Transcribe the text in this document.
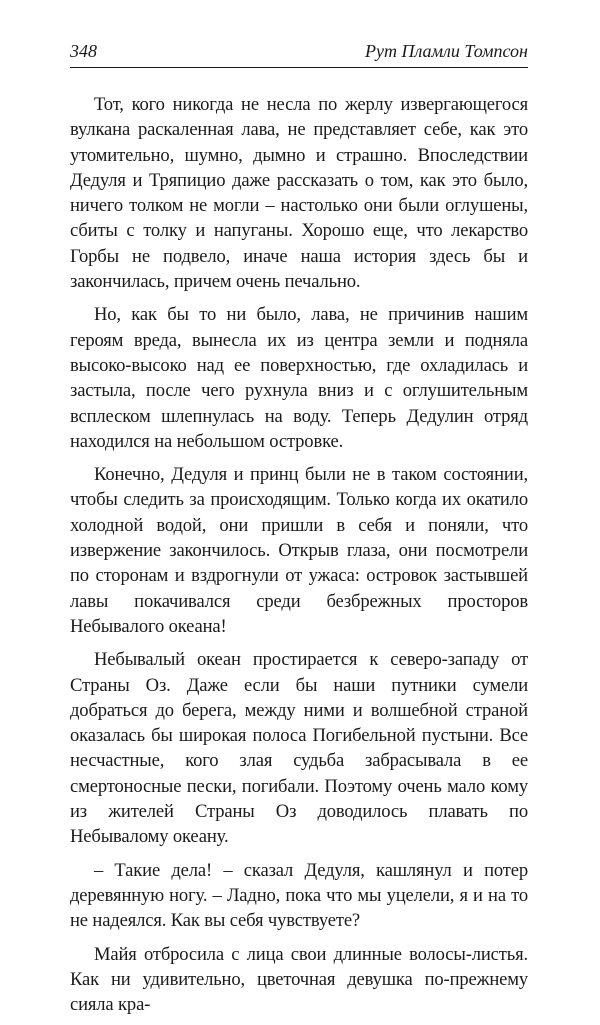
348	Рут Пламли Томпсон

Тот, кого никогда не несла по жерлу извергающегося вулкана раскаленная лава, не представляет себе, как это утомительно, шумно, дымно и страшно. Впоследствии Дедуля и Тряпицио даже рассказать о том, как это было, ничего толком не могли – настолько они были оглушены, сбиты с толку и напуганы. Хорошо еще, что лекарство Горбы не подвело, иначе наша история здесь бы и закончилась, причем очень печально.

Но, как бы то ни было, лава, не причинив нашим героям вреда, вынесла их из центра земли и подняла высоко-высоко над ее поверхностью, где охладилась и застыла, после чего рухнула вниз и с оглушительным всплеском шлепнулась на воду. Теперь Дедулин отряд находился на небольшом островке.

Конечно, Дедуля и принц были не в таком состоянии, чтобы следить за происходящим. Только когда их окатило холодной водой, они пришли в себя и поняли, что извержение закончилось. Открыв глаза, они посмотрели по сторонам и вздрогнули от ужаса: островок застывшей лавы покачивался среди безбрежных просторов Небывалого океана!

Небывалый океан простирается к северо-западу от Страны Оз. Даже если бы наши путники сумели добраться до берега, между ними и волшебной страной оказалась бы широкая полоса Погибельной пустыни. Все несчастные, кого злая судьба забрасывала в ее смертоносные пески, погибали. Поэтому очень мало кому из жителей Страны Оз доводилось плавать по Небывалому океану.

– Такие дела! – сказал Дедуля, кашлянул и потер деревянную ногу. – Ладно, пока что мы уцелели, я и на то не надеялся. Как вы себя чувствуете?

Майя отбросила с лица свои длинные волосы-листья. Как ни удивительно, цветочная девушка по-прежнему сияла кра-
